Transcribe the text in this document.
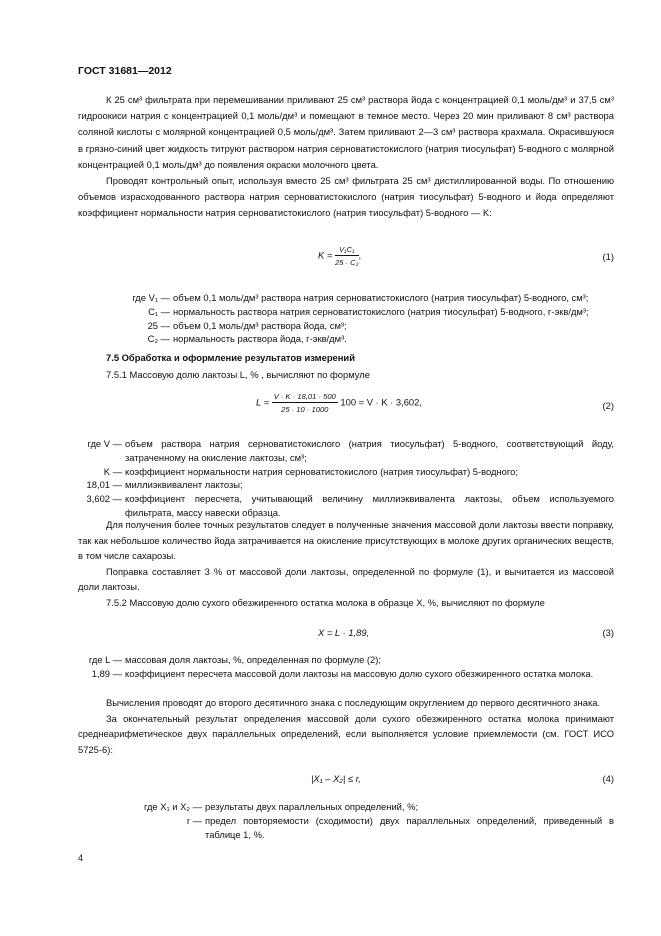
ГОСТ 31681—2012

К 25 см³ фильтрата при перемешивании приливают 25 см³ раствора йода с концентрацией 0,1 моль/дм³ и 37,5 см³ гидроокиси натрия с концентрацией 0,1 моль/дм³ и помещают в темное место. Через 20 мин приливают 8 см³ раствора соляной кислоты с молярной концентрацией 0,5 моль/дм³. Затем приливают 2—3 см³ раствора крахмала. Окрасившуюся в грязно-синий цвет жидкость титруют раствором натрия серноватистокислого (натрия тиосульфат) 5-водного с молярной концентрацией 0,1 моль/дм³ до появления окраски молочного цвета.

Проводят контрольный опыт, используя вместо 25 см³ фильтрата 25 см³ дистиллированной воды. По отношению объемов израсходованного раствора натрия серноватистокислого (натрия тиосульфат) 5-водного и йода определяют коэффициент нормальности натрия серноватистокислого (натрия тиосульфат) 5-водного — K:

$K = \frac{\text{V₁C₁}}{\text{25 · C₂}}$ ,	(1)
где V₁ — объем 0,1 моль/дм³ раствора натрия серноватистокислого (натрия тиосульфат) 5-водного, см³;
C₁ — нормальность раствора натрия серноватистокислого (натрия тиосульфат) 5-водного, г-экв/дм³;
25 — объем 0,1 моль/дм³ раствора йода, см³;
C₂ — нормальность раствора йода, г-экв/дм³.

7.5 Обработка и оформление результатов измерений

7.5.1 Массовую долю лактозы L, % , вычисляют по формуле

$L = \frac{V \cdot K \cdot 18,01 \cdot 500}{25 \cdot 10 \cdot 1000} 100 = V \cdot K \cdot 3,602$,	(2)
где V — объем раствора натрия серноватистокислого (натрия тиосульфат) 5-водного, соответствующий йоду, затраченному на окисление лактозы, см³;
K — коэффициент нормальности натрия серноватистокислого (натрия тиосульфат) 5-водного;
18,01 — миллиэквивалент лактозы;
3,602 — коэффициент пересчета, учитывающий величину миллиэквивалента лактозы, объем используемого фильтрата, массу навески образца.

Для получения более точных результатов следует в полученные значения массовой доли лактозы ввести поправку, так как небольшое количество йода затрачивается на окисление присутствующих в молоке других органических веществ, в том числе сахарозы.

Поправка составляет 3 % от массовой доли лактозы, определенной по формуле (1), и вычитается из массовой доли лактозы.

7.5.2 Массовую долю сухого обезжиренного остатка молока в образце X, %, вычисляют по формуле

X = L · 1,89,	(3)
где L — массовая доля лактозы, %, определенная по формуле (2);
1,89 — коэффициент пересчета массовой доли лактозы на массовую долю сухого обезжиренного остатка молока.

Вычисления проводят до второго десятичного знака с последующим округлением до первого десятичного знака.

За окончательный результат определения массовой доли сухого обезжиренного остатка молока принимают среднеарифметическое двух параллельных определений, если выполняется условие приемлемости (см. ГОСТ ИСО 5725-6):

|X₁ – X₂| ≤ r,	(4)
где X₁ и X₂ — результаты двух параллельных определений, %;
r — предел повторяемости (сходимости) двух параллельных определений, приведенный в таблице 1, %.
4
